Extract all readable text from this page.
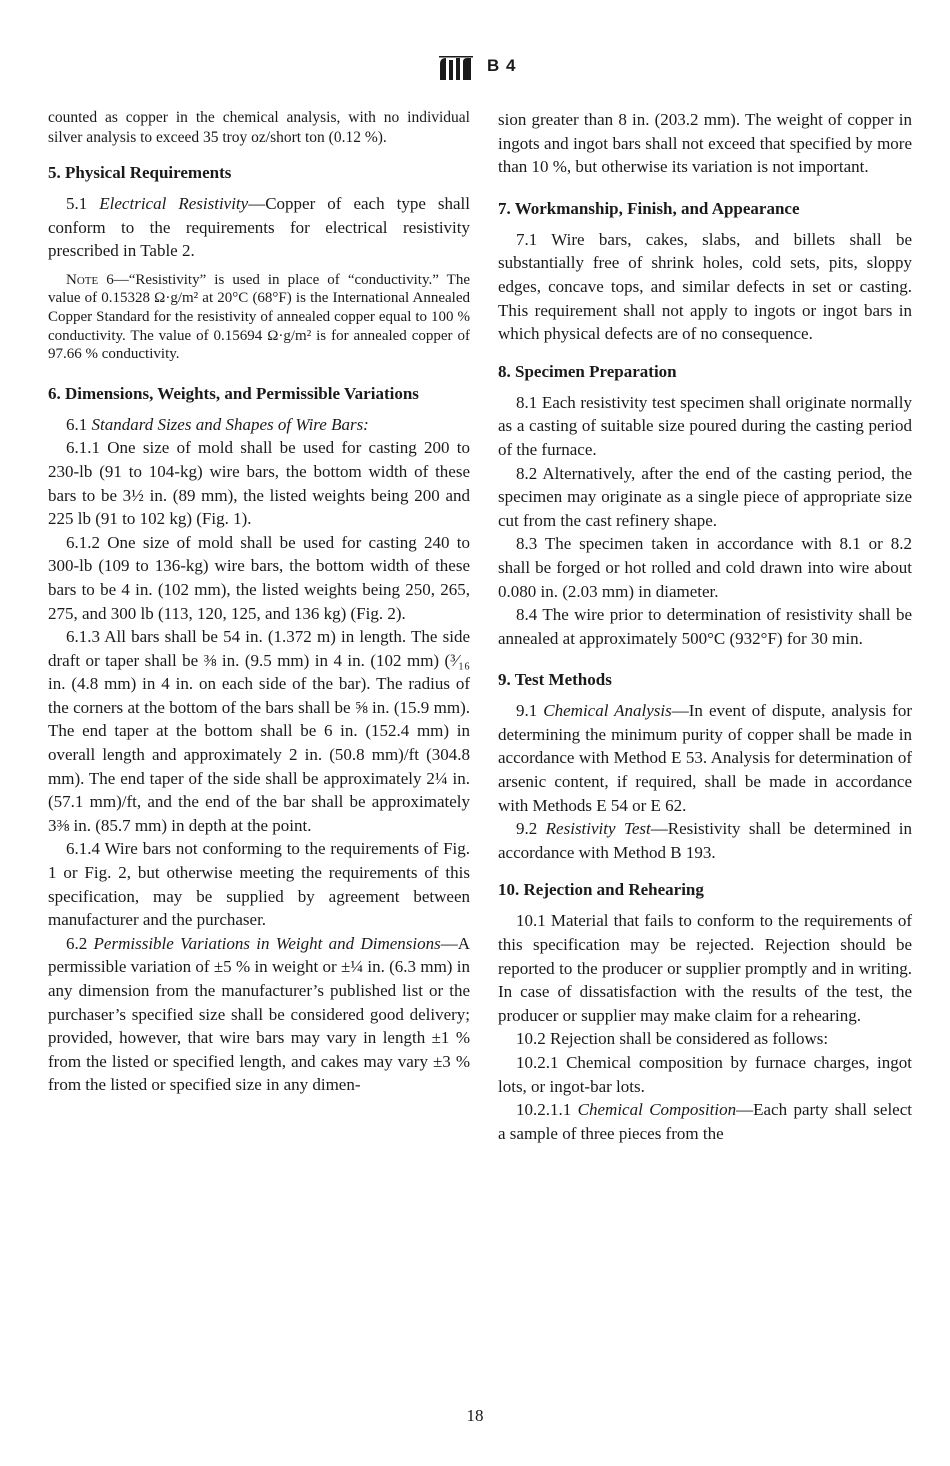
B 4

counted as copper in the chemical analysis, with no individual silver analysis to exceed 35 troy oz/short ton (0.12 %).

5. Physical Requirements

5.1 Electrical Resistivity—Copper of each type shall conform to the requirements for electrical resistivity prescribed in Table 2.

Note 6—“Resistivity” is used in place of “conductivity.” The value of 0.15328 Ω·g/m² at 20°C (68°F) is the International Annealed Copper Standard for the resistivity of annealed copper equal to 100 % conductivity. The value of 0.15694 Ω·g/m² is for annealed copper of 97.66 % conductivity.

6. Dimensions, Weights, and Permissible Variations

6.1 Standard Sizes and Shapes of Wire Bars:

6.1.1 One size of mold shall be used for casting 200 to 230-lb (91 to 104-kg) wire bars, the bottom width of these bars to be 3½ in. (89 mm), the listed weights being 200 and 225 lb (91 to 102 kg) (Fig. 1).

6.1.2 One size of mold shall be used for casting 240 to 300-lb (109 to 136-kg) wire bars, the bottom width of these bars to be 4 in. (102 mm), the listed weights being 250, 265, 275, and 300 lb (113, 120, 125, and 136 kg) (Fig. 2).

6.1.3 All bars shall be 54 in. (1.372 m) in length. The side draft or taper shall be ⅜ in. (9.5 mm) in 4 in. (102 mm) (³⁄₁₆ in. (4.8 mm) in 4 in. on each side of the bar). The radius of the corners at the bottom of the bars shall be ⅝ in. (15.9 mm). The end taper at the bottom shall be 6 in. (152.4 mm) in overall length and approximately 2 in. (50.8 mm)/ft (304.8 mm). The end taper of the side shall be approximately 2¼ in. (57.1 mm)/ft, and the end of the bar shall be approximately 3⅜ in. (85.7 mm) in depth at the point.

6.1.4 Wire bars not conforming to the requirements of Fig. 1 or Fig. 2, but otherwise meeting the requirements of this specification, may be supplied by agreement between manufacturer and the purchaser.

6.2 Permissible Variations in Weight and Dimensions—A permissible variation of ±5 % in weight or ±¼ in. (6.3 mm) in any dimension from the manufacturer’s published list or the purchaser’s specified size shall be considered good delivery; provided, however, that wire bars may vary in length ±1 % from the listed or specified length, and cakes may vary ±3 % from the listed or specified size in any dimen-

sion greater than 8 in. (203.2 mm). The weight of copper in ingots and ingot bars shall not exceed that specified by more than 10 %, but otherwise its variation is not important.

7. Workmanship, Finish, and Appearance

7.1 Wire bars, cakes, slabs, and billets shall be substantially free of shrink holes, cold sets, pits, sloppy edges, concave tops, and similar defects in set or casting. This requirement shall not apply to ingots or ingot bars in which physical defects are of no consequence.

8. Specimen Preparation

8.1 Each resistivity test specimen shall originate normally as a casting of suitable size poured during the casting period of the furnace.

8.2 Alternatively, after the end of the casting period, the specimen may originate as a single piece of appropriate size cut from the cast refinery shape.

8.3 The specimen taken in accordance with 8.1 or 8.2 shall be forged or hot rolled and cold drawn into wire about 0.080 in. (2.03 mm) in diameter.

8.4 The wire prior to determination of resistivity shall be annealed at approximately 500°C (932°F) for 30 min.

9. Test Methods

9.1 Chemical Analysis—In event of dispute, analysis for determining the minimum purity of copper shall be made in accordance with Method E 53. Analysis for determination of arsenic content, if required, shall be made in accordance with Methods E 54 or E 62.

9.2 Resistivity Test—Resistivity shall be determined in accordance with Method B 193.

10. Rejection and Rehearing

10.1 Material that fails to conform to the requirements of this specification may be rejected. Rejection should be reported to the producer or supplier promptly and in writing. In case of dissatisfaction with the results of the test, the producer or supplier may make claim for a rehearing.

10.2 Rejection shall be considered as follows:

10.2.1 Chemical composition by furnace charges, ingot lots, or ingot-bar lots.

10.2.1.1 Chemical Composition—Each party shall select a sample of three pieces from the

18
